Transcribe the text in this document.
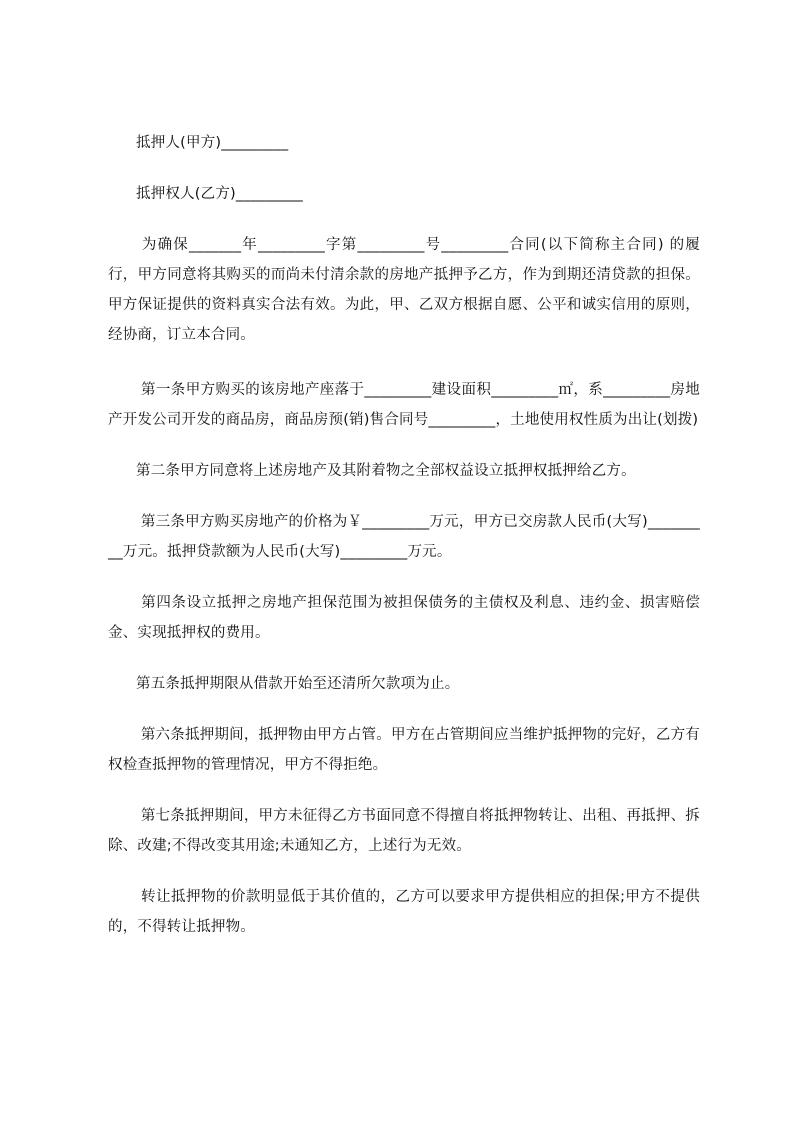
抵押人(甲方)_________

抵押权人(乙方)_________

为确保_______年_________字第_________号_________合同(以下简称主合同) 的履行，甲方同意将其购买的而尚未付清余款的房地产抵押予乙方，作为到期还清贷款的担保。甲方保证提供的资料真实合法有效。为此，甲、乙双方根据自愿、公平和诚实信用的原则，经协商，订立本合同。

第一条甲方购买的该房地产座落于_________建设面积_________㎡，系_________房地产开发公司开发的商品房，商品房预(销)售合同号_________，土地使用权性质为出让(划拨)

第二条甲方同意将上述房地产及其附着物之全部权益设立抵押权抵押给乙方。

第三条甲方购买房地产的价格为￥_________万元，甲方已交房款人民币(大写)_________万元。抵押贷款额为人民币(大写)_________万元。

第四条设立抵押之房地产担保范围为被担保债务的主债权及利息、违约金、损害赔偿金、实现抵押权的费用。

第五条抵押期限从借款开始至还清所欠款项为止。

第六条抵押期间，抵押物由甲方占管。甲方在占管期间应当维护抵押物的完好，乙方有权检查抵押物的管理情况，甲方不得拒绝。

第七条抵押期间，甲方未征得乙方书面同意不得擅自将抵押物转让、出租、再抵押、拆除、改建;不得改变其用途;未通知乙方，上述行为无效。

转让抵押物的价款明显低于其价值的，乙方可以要求甲方提供相应的担保;甲方不提供的，不得转让抵押物。
